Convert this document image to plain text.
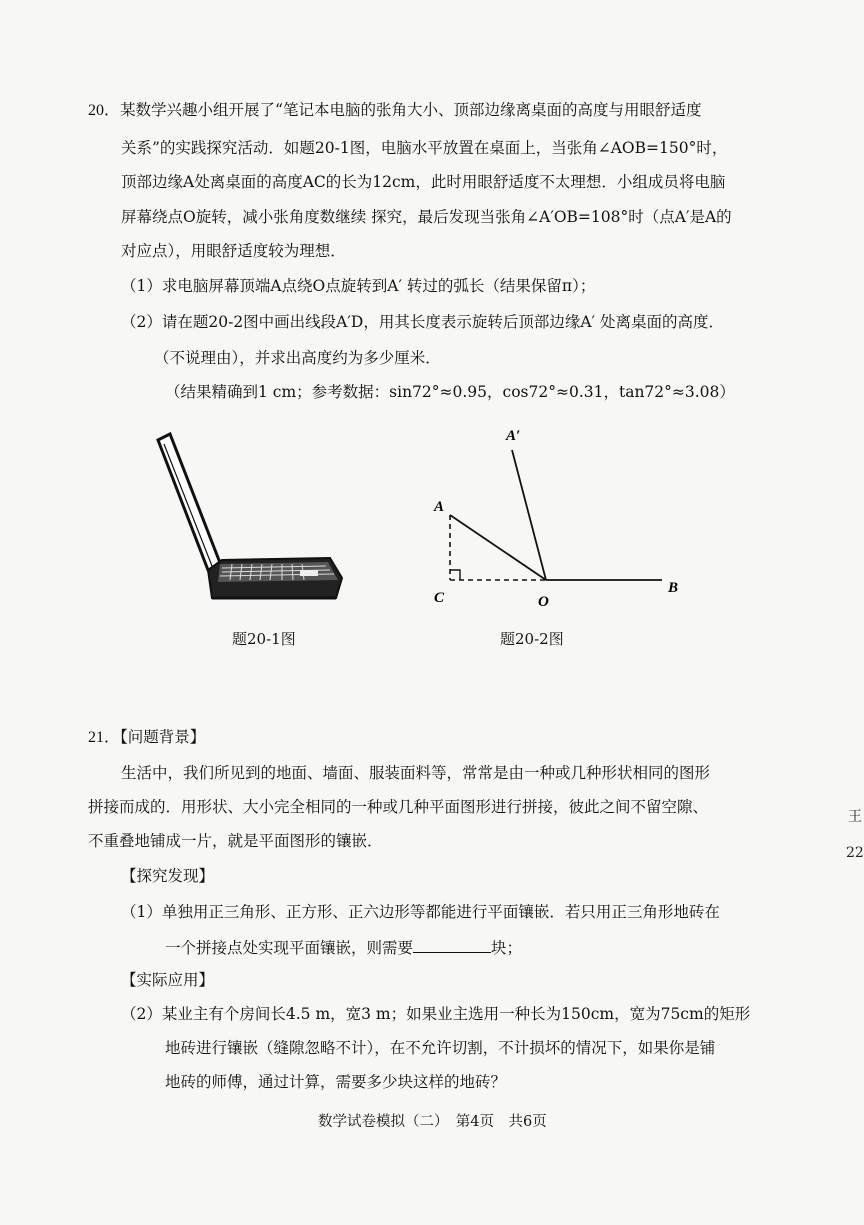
20．某数学兴趣小组开展了“笔记本电脑的张角大小、顶部边缘离桌面的高度与用眼舒适度
关系”的实践探究活动．如题20-1图，电脑水平放置在桌面上，当张角∠AOB=150°时，
顶部边缘A处离桌面的高度AC的长为12cm，此时用眼舒适度不太理想．小组成员将电脑
屏幕绕点O旋转，减小张角度数继续 探究，最后发现当张角∠A′OB=108°时（点A′是A的
对应点），用眼舒适度较为理想．
（1）求电脑屏幕顶端A点绕O点旋转到A′ 转过的弧长（结果保留π）；
（2）请在题20-2图中画出线段A′D，用其长度表示旋转后顶部边缘A′ 处离桌面的高度．
（不说理由），并求出高度约为多少厘米．
（结果精确到1 cm；参考数据：sin72°≈0.95，cos72°≈0.31，tan72°≈3.08）
题20-1图
A′
A
C	O
B
题20-2图
21．【问题背景】
生活中，我们所见到的地面、墙面、服装面料等，常常是由一种或几种形状相同的图形
拼接而成的．用形状、大小完全相同的一种或几种平面图形进行拼接，彼此之间不留空隙、
不重叠地铺成一片，就是平面图形的镶嵌．
【探究发现】
（1）单独用正三角形、正方形、正六边形等都能进行平面镶嵌．若只用正三角形地砖在
一个拼接点处实现平面镶嵌，则需要	块；
【实际应用】
（2）某业主有个房间长4.5 m，宽3 m；如果业主选用一种长为150cm，宽为75cm的矩形
地砖进行镶嵌（缝隙忽略不计），在不允许切割，不计损坏的情况下，如果你是铺
地砖的师傅，通过计算，需要多少块这样的地砖？
数学试卷模拟（二）　第4页　共6页
王
22
